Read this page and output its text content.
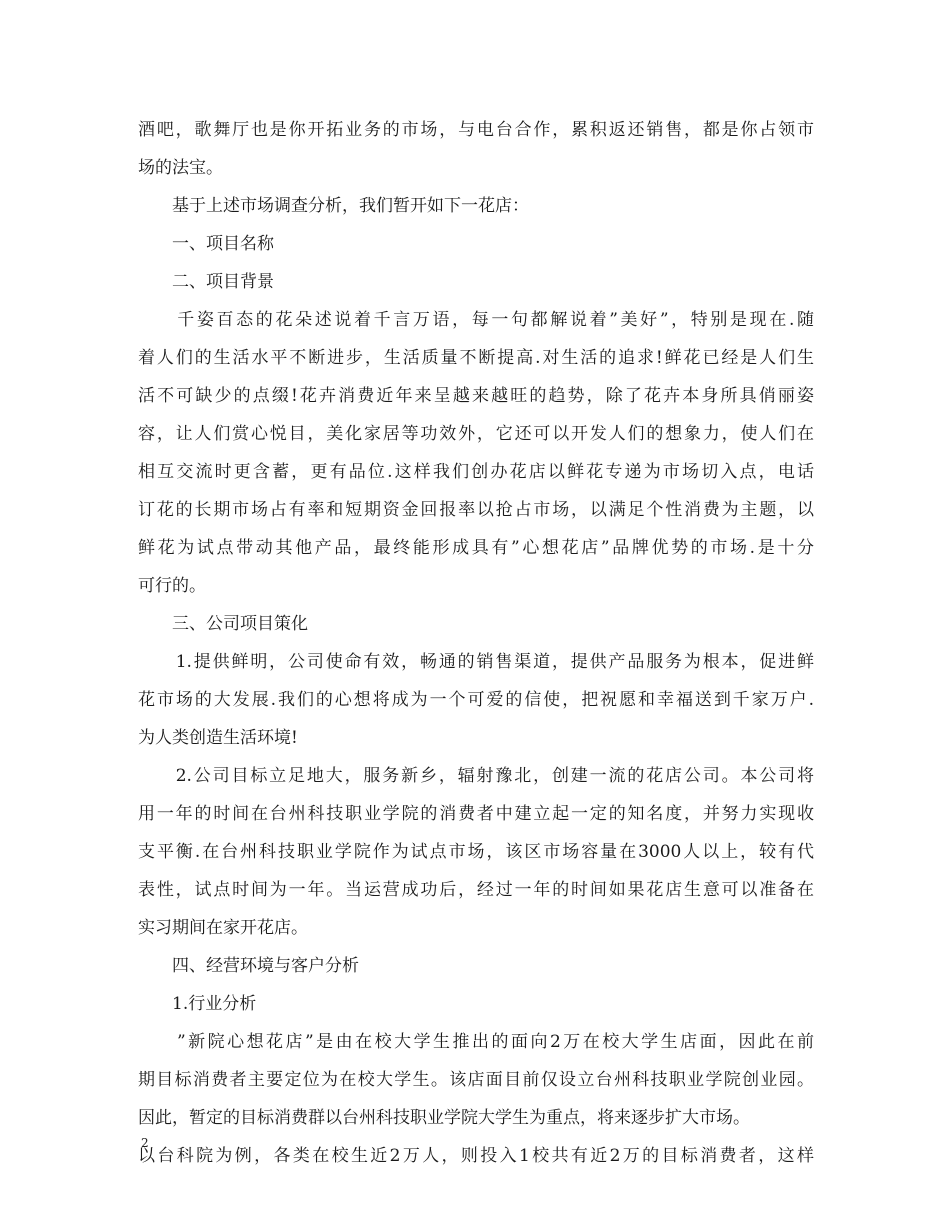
酒吧，歌舞厅也是你开拓业务的市场，与电台合作，累积返还销售，都是你占领市
场的法宝。
　　基于上述市场调查分析，我们暂开如下一花店：
　　一、项目名称
　　二、项目背景
　　千姿百态的花朵述说着千言万语，每一句都解说着”美好”，特别是现在.随
着人们的生活水平不断进步，生活质量不断提高.对生活的追求!鲜花已经是人们生
活不可缺少的点缀!花卉消费近年来呈越来越旺的趋势，除了花卉本身所具俏丽姿
容，让人们赏心悦目，美化家居等功效外，它还可以开发人们的想象力，使人们在
相互交流时更含蓄，更有品位.这样我们创办花店以鲜花专递为市场切入点，电话
订花的长期市场占有率和短期资金回报率以抢占市场，以满足个性消费为主题，以
鲜花为试点带动其他产品，最终能形成具有”心想花店”品牌优势的市场.是十分
可行的。
　　三、公司项目策化
　　1.提供鲜明，公司使命有效，畅通的销售渠道，提供产品服务为根本，促进鲜
花市场的大发展.我们的心想将成为一个可爱的信使，把祝愿和幸福送到千家万户.
为人类创造生活环境!
　　2.公司目标立足地大，服务新乡，辐射豫北，创建一流的花店公司。本公司将
用一年的时间在台州科技职业学院的消费者中建立起一定的知名度，并努力实现收
支平衡.在台州科技职业学院作为试点市场，该区市场容量在3000人以上，较有代
表性，试点时间为一年。当运营成功后，经过一年的时间如果花店生意可以准备在
实习期间在家开花店。
　　四、经营环境与客户分析
　　1.行业分析
　　”新院心想花店”是由在校大学生推出的面向2万在校大学生店面，因此在前
期目标消费者主要定位为在校大学生。该店面目前仅设立台州科技职业学院创业园。
因此，暂定的目标消费群以台州科技职业学院大学生为重点，将来逐步扩大市场。
以台科院为例，各类在校生近2万人，则投入1校共有近2万的目标消费者，这样
2
